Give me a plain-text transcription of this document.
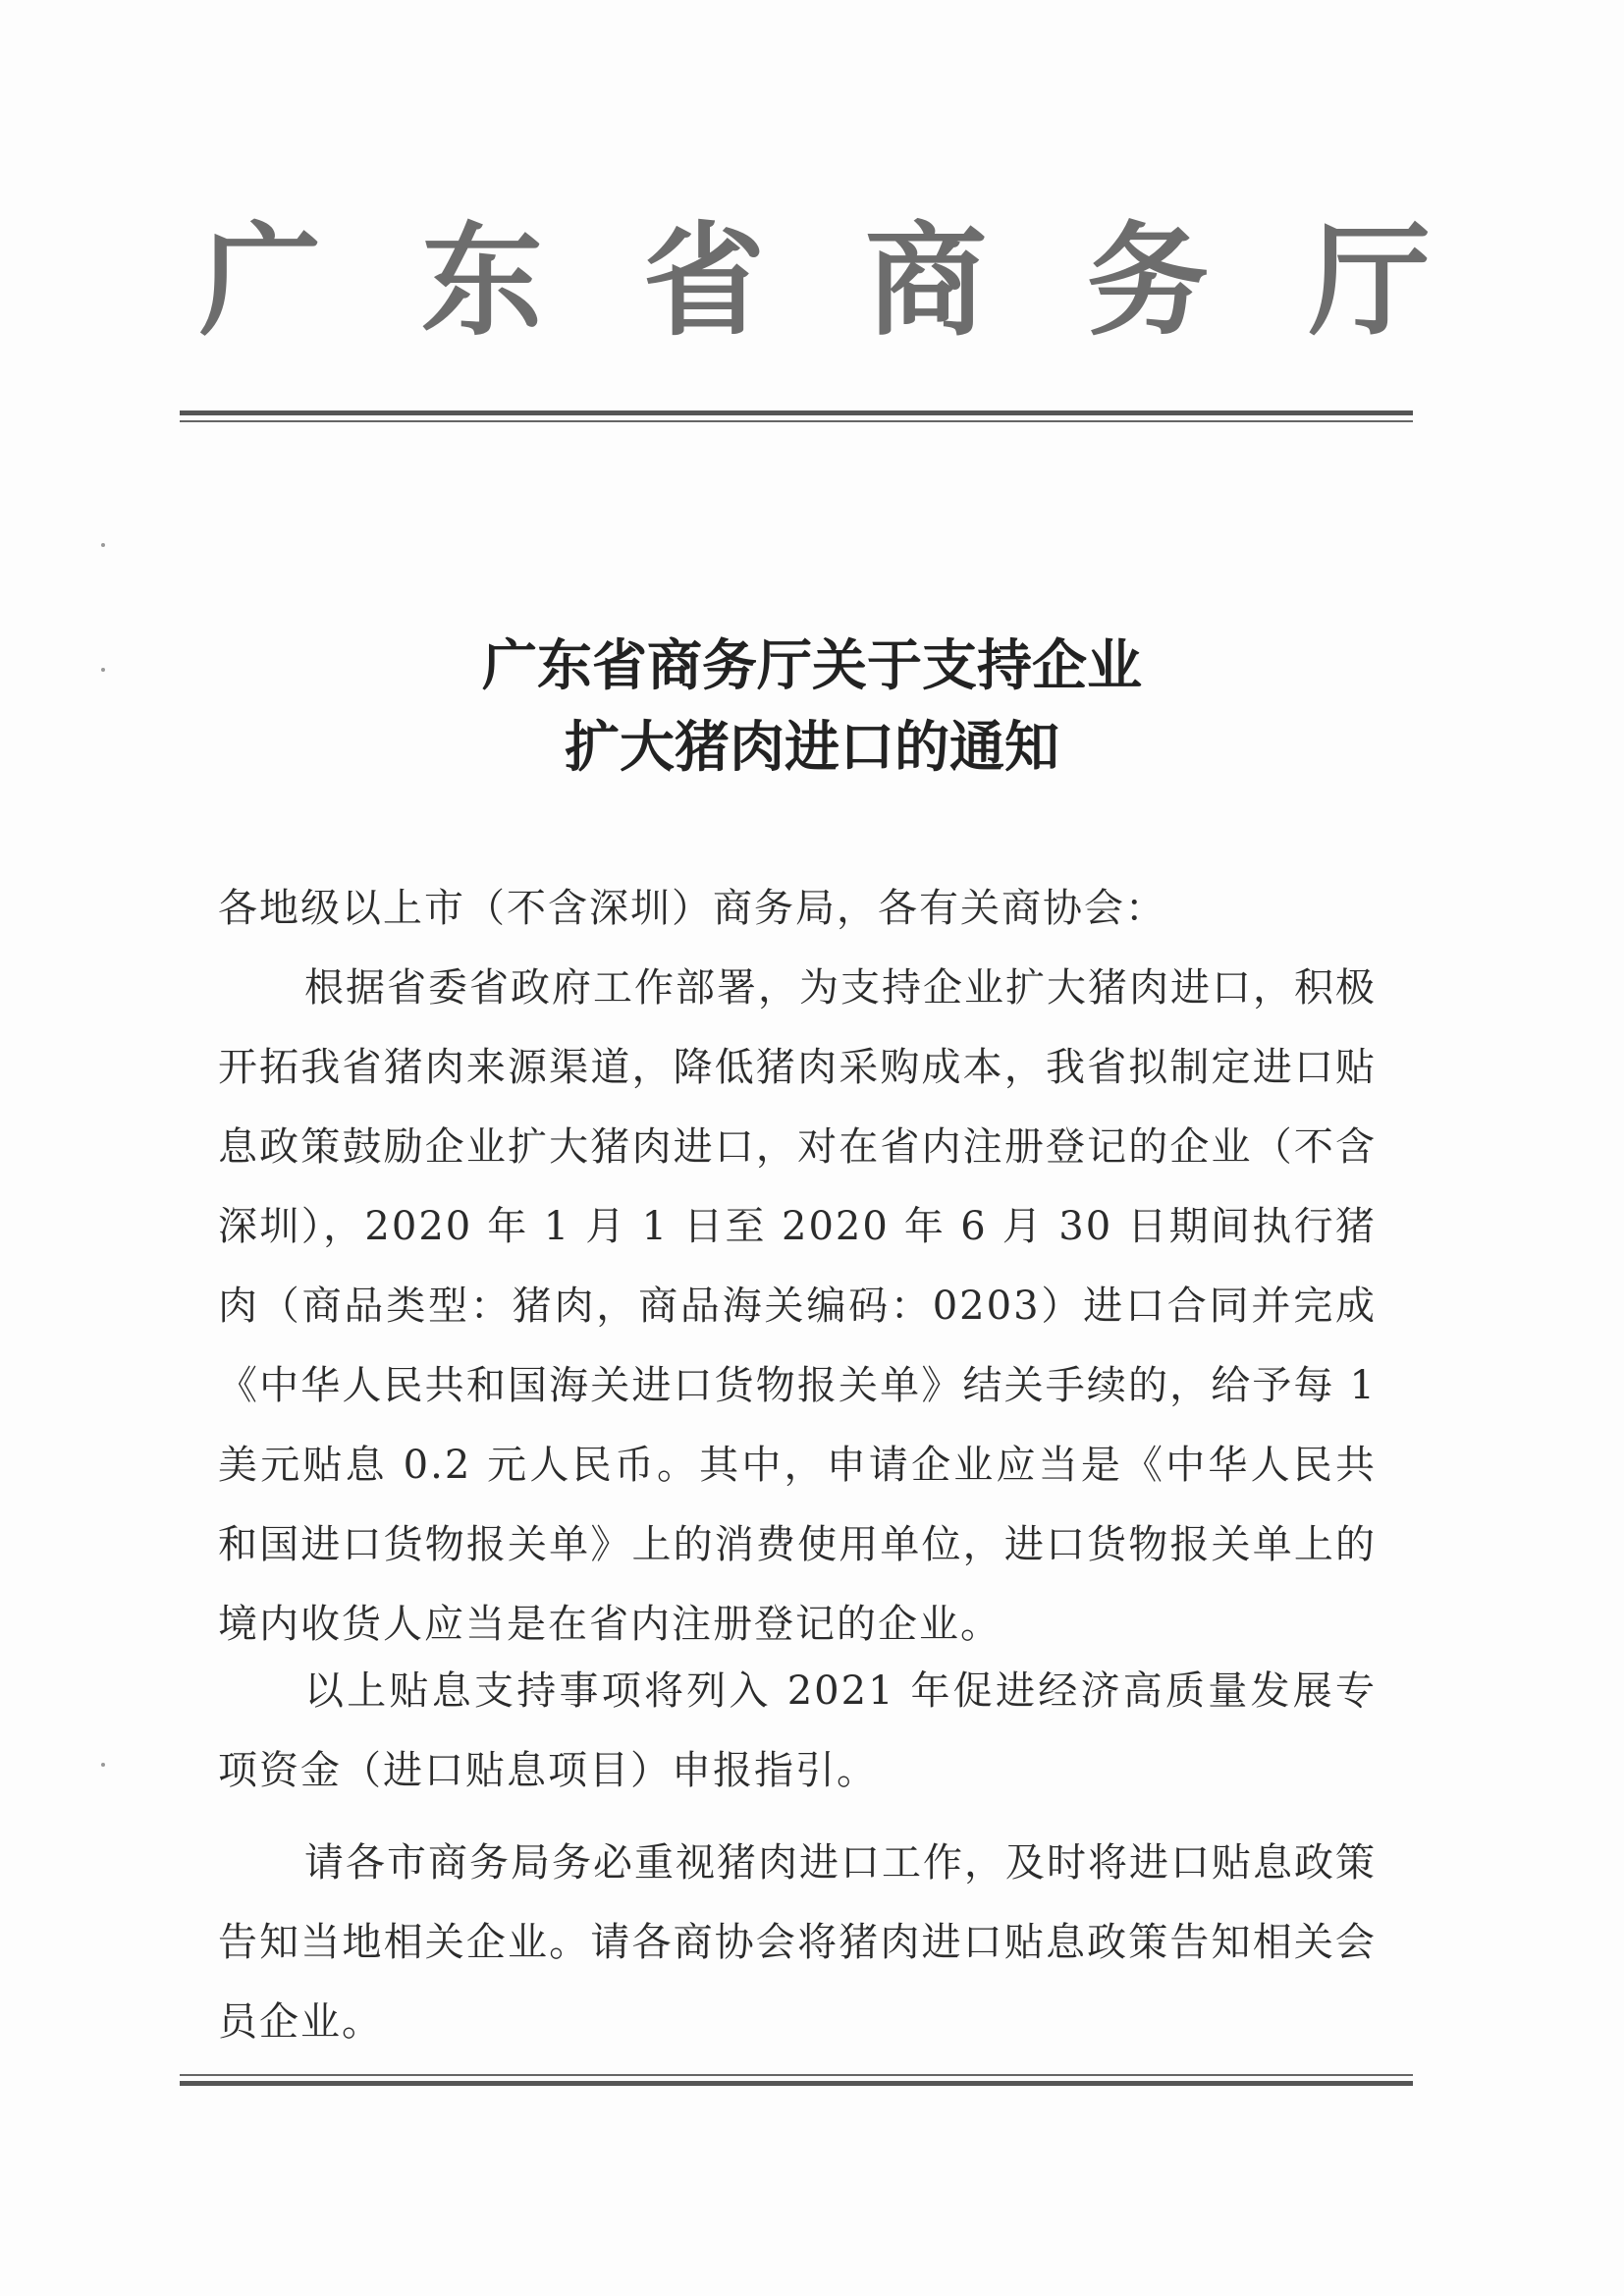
广 东 省 商 务 厅
广东省商务厅关于支持企业
扩大猪肉进口的通知
各地级以上市（不含深圳）商务局，各有关商协会：
根据省委省政府工作部署，为支持企业扩大猪肉进口，积极开拓我省猪肉来源渠道，降低猪肉采购成本，我省拟制定进口贴息政策鼓励企业扩大猪肉进口，对在省内注册登记的企业（不含深圳），2020 年 1 月 1 日至 2020 年 6 月 30 日期间执行猪肉（商品类型：猪肉，商品海关编码：0203）进口合同并完成《中华人民共和国海关进口货物报关单》结关手续的，给予每 1 美元贴息 0.2 元人民币。其中，申请企业应当是《中华人民共和国进口货物报关单》上的消费使用单位，进口货物报关单上的境内收货人应当是在省内注册登记的企业。
以上贴息支持事项将列入 2021 年促进经济高质量发展专项资金（进口贴息项目）申报指引。
请各市商务局务必重视猪肉进口工作，及时将进口贴息政策告知当地相关企业。请各商协会将猪肉进口贴息政策告知相关会员企业。
